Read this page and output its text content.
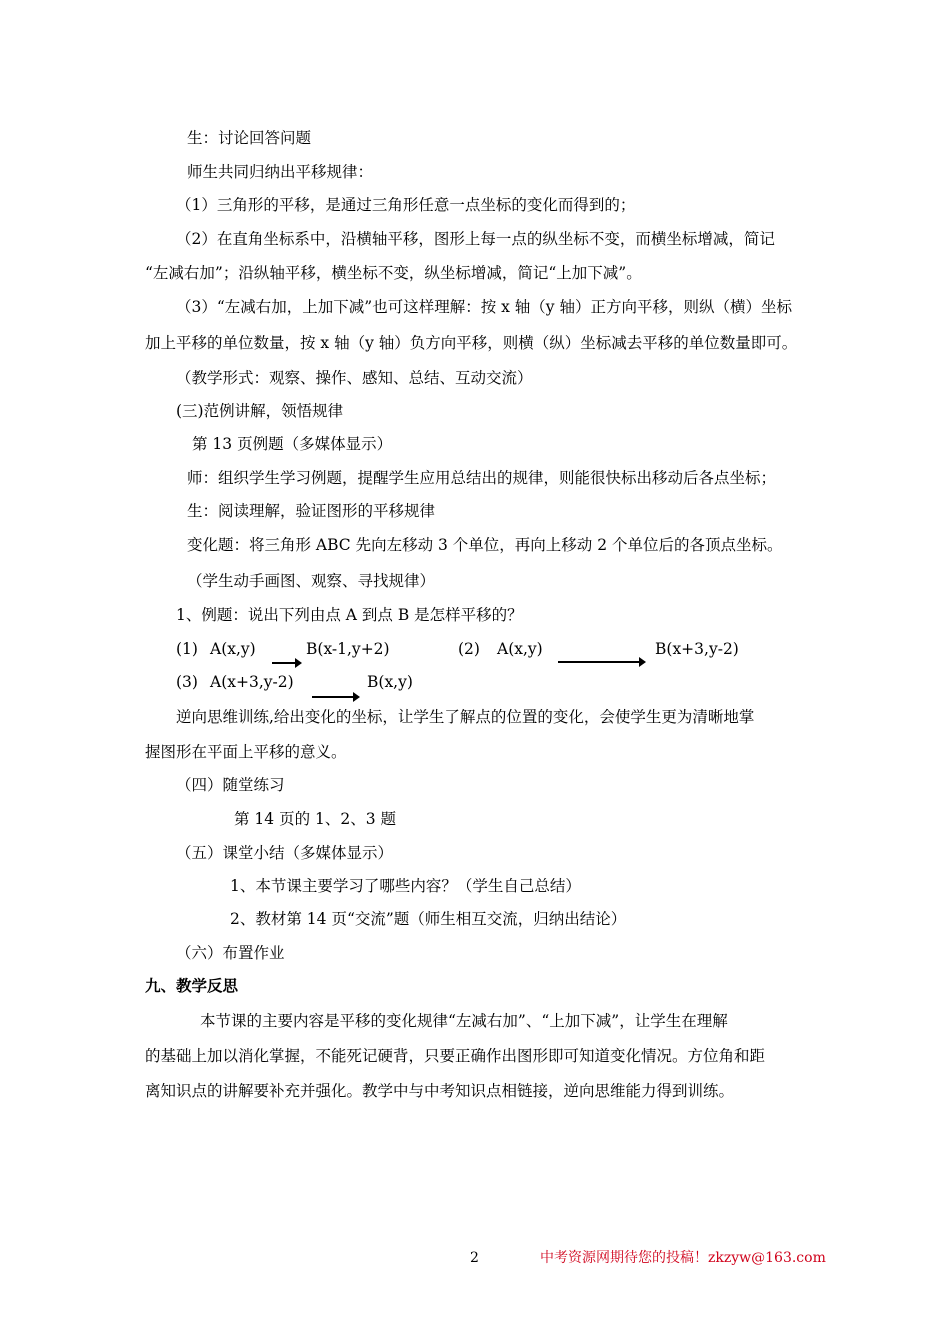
生：讨论回答问题
师生共同归纳出平移规律：
（1）三角形的平移，是通过三角形任意一点坐标的变化而得到的；
（2）在直角坐标系中，沿横轴平移，图形上每一点的纵坐标不变，而横坐标增减，简记
“左减右加”；沿纵轴平移，横坐标不变，纵坐标增减，简记“上加下减”。
（3）“左减右加，上加下减”也可这样理解：按 x 轴（y 轴）正方向平移，则纵（横）坐标
加上平移的单位数量，按 x 轴（y 轴）负方向平移，则横（纵）坐标减去平移的单位数量即可。
（教学形式：观察、操作、感知、总结、互动交流）
(三)范例讲解，领悟规律
第 13 页例题（多媒体显示）
师：组织学生学习例题，提醒学生应用总结出的规律，则能很快标出移动后各点坐标；
生：阅读理解，验证图形的平移规律
变化题：将三角形 ABC 先向左移动 3 个单位，再向上移动 2 个单位后的各顶点坐标。
（学生动手画图、观察、寻找规律）
1、例题：说出下列由点 A 到点 B 是怎样平移的？
(1) A(x,y)	B(x-1,y+2)	(2) A(x,y)	B(x+3,y-2)
(3) A(x+3,y-2)	B(x,y)
逆向思维训练,给出变化的坐标，让学生了解点的位置的变化，会使学生更为清晰地掌
握图形在平面上平移的意义。
（四）随堂练习
第 14 页的 1、2、3 题
（五）课堂小结（多媒体显示）
1、本节课主要学习了哪些内容？（学生自己总结）
2、教材第 14 页“交流”题（师生相互交流，归纳出结论）
（六）布置作业
九、教学反思
本节课的主要内容是平移的变化规律“左减右加”、“上加下减”，让学生在理解
的基础上加以消化掌握，不能死记硬背，只要正确作出图形即可知道变化情况。方位角和距
离知识点的讲解要补充并强化。教学中与中考知识点相链接，逆向思维能力得到训练。
2	中考资源网期待您的投稿！zkzyw@163.com
